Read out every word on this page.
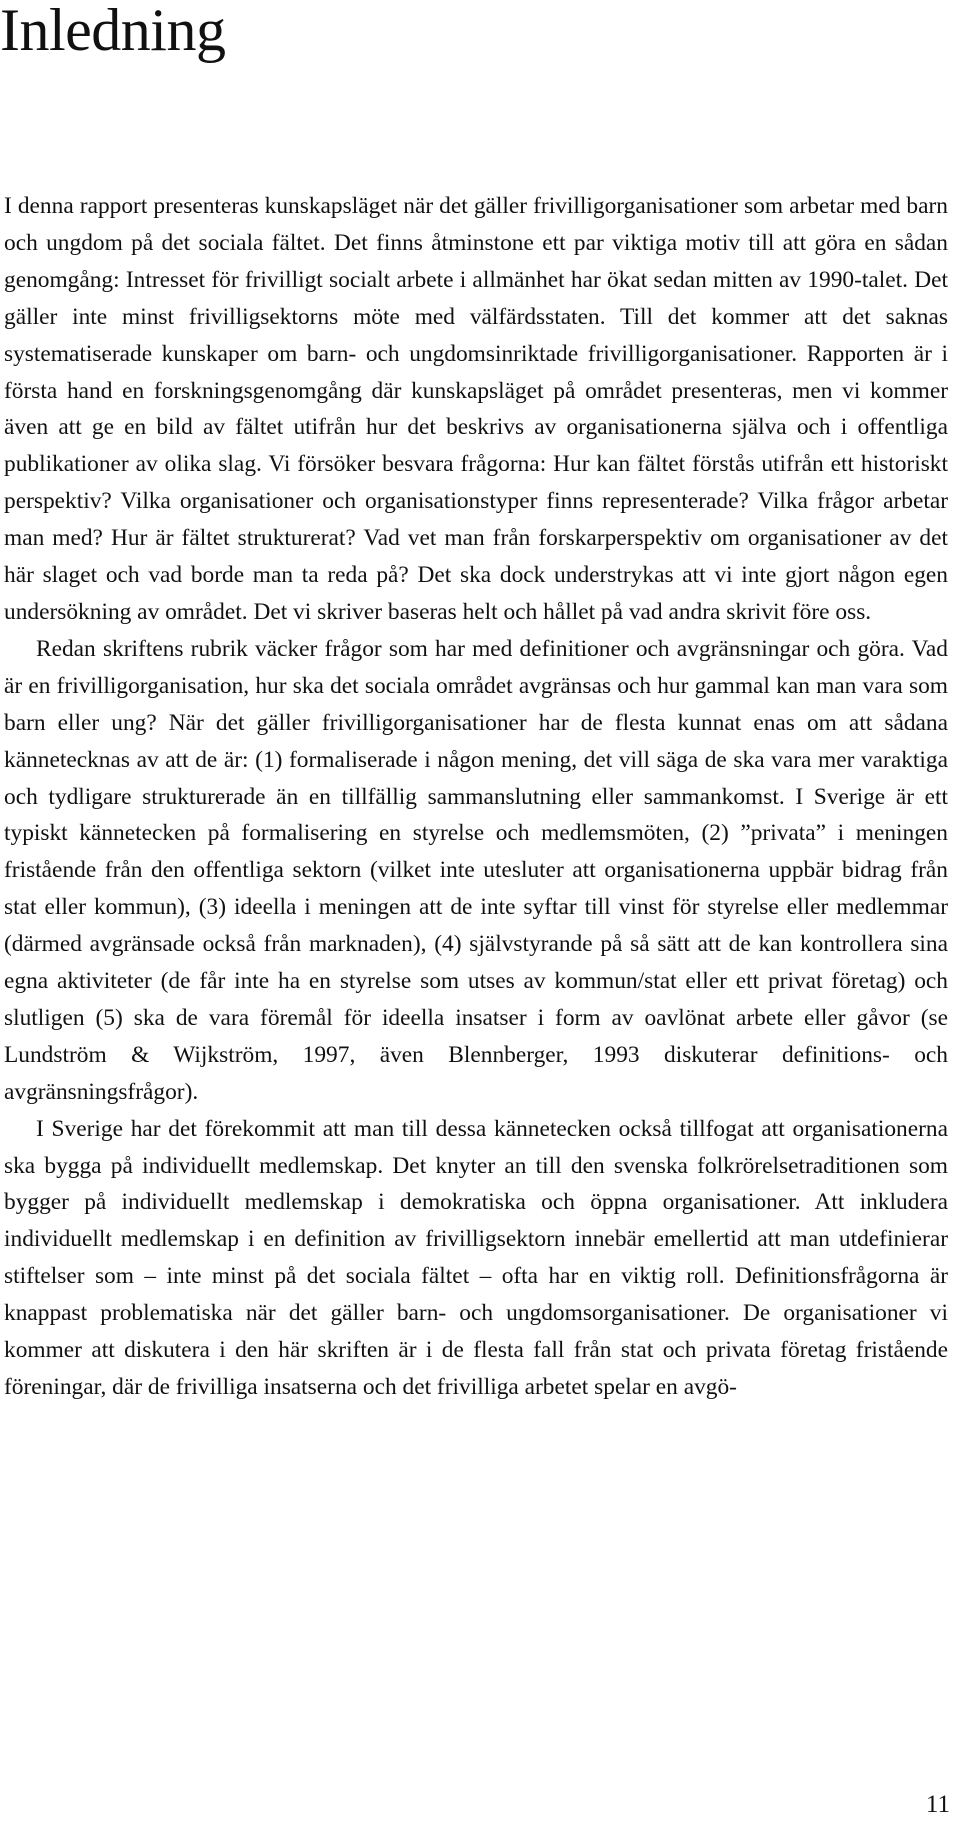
Inledning

I denna rapport presenteras kunskapsläget när det gäller frivilligorganisationer som arbetar med barn och ungdom på det sociala fältet. Det finns åtminstone ett par viktiga motiv till att göra en sådan genomgång: Intresset för frivilligt socialt arbete i allmänhet har ökat sedan mitten av 1990-talet. Det gäller inte minst frivilligsektorns möte med välfärdsstaten. Till det kommer att det saknas systematiserade kunskaper om barn- och ungdomsinriktade frivilligorganisationer. Rapporten är i första hand en forskningsgenomgång där kunskapsläget på området presenteras, men vi kommer även att ge en bild av fältet utifrån hur det beskrivs av organisationerna själva och i offentliga publikationer av olika slag. Vi försöker besvara frågorna: Hur kan fältet förstås utifrån ett historiskt perspektiv? Vilka organisationer och organisationstyper finns representerade? Vilka frågor arbetar man med? Hur är fältet strukturerat? Vad vet man från forskarperspektiv om organisationer av det här slaget och vad borde man ta reda på? Det ska dock understrykas att vi inte gjort någon egen undersökning av området. Det vi skriver baseras helt och hållet på vad andra skrivit före oss.

Redan skriftens rubrik väcker frågor som har med definitioner och avgränsningar och göra. Vad är en frivilligorganisation, hur ska det sociala området avgränsas och hur gammal kan man vara som barn eller ung? När det gäller frivilligorganisationer har de flesta kunnat enas om att sådana kännetecknas av att de är: (1) formaliserade i någon mening, det vill säga de ska vara mer varaktiga och tydligare strukturerade än en tillfällig sammanslutning eller sammankomst. I Sverige är ett typiskt kännetecken på formalisering en styrelse och medlemsmöten, (2) ”privata” i meningen fristående från den offentliga sektorn (vilket inte utesluter att organisationerna uppbär bidrag från stat eller kommun), (3) ideella i meningen att de inte syftar till vinst för styrelse eller medlemmar (därmed avgränsade också från marknaden), (4) självstyrande på så sätt att de kan kontrollera sina egna aktiviteter (de får inte ha en styrelse som utses av kommun/stat eller ett privat företag) och slutligen (5) ska de vara föremål för ideella insatser i form av oavlönat arbete eller gåvor (se Lundström & Wijkström, 1997, även Blennberger, 1993 diskuterar definitions- och avgränsningsfrågor).

I Sverige har det förekommit att man till dessa kännetecken också tillfogat att organisationerna ska bygga på individuellt medlemskap. Det knyter an till den svenska folkrörelsetraditionen som bygger på individuellt medlemskap i demokratiska och öppna organisationer. Att inkludera individuellt medlemskap i en definition av frivilligsektorn innebär emellertid att man utdefinierar stiftelser som – inte minst på det sociala fältet – ofta har en viktig roll. Definitionsfrågorna är knappast problematiska när det gäller barn- och ungdomsorganisationer. De organisationer vi kommer att diskutera i den här skriften är i de flesta fall från stat och privata företag fristående föreningar, där de frivilliga insatserna och det frivilliga arbetet spelar en avgö-

11
